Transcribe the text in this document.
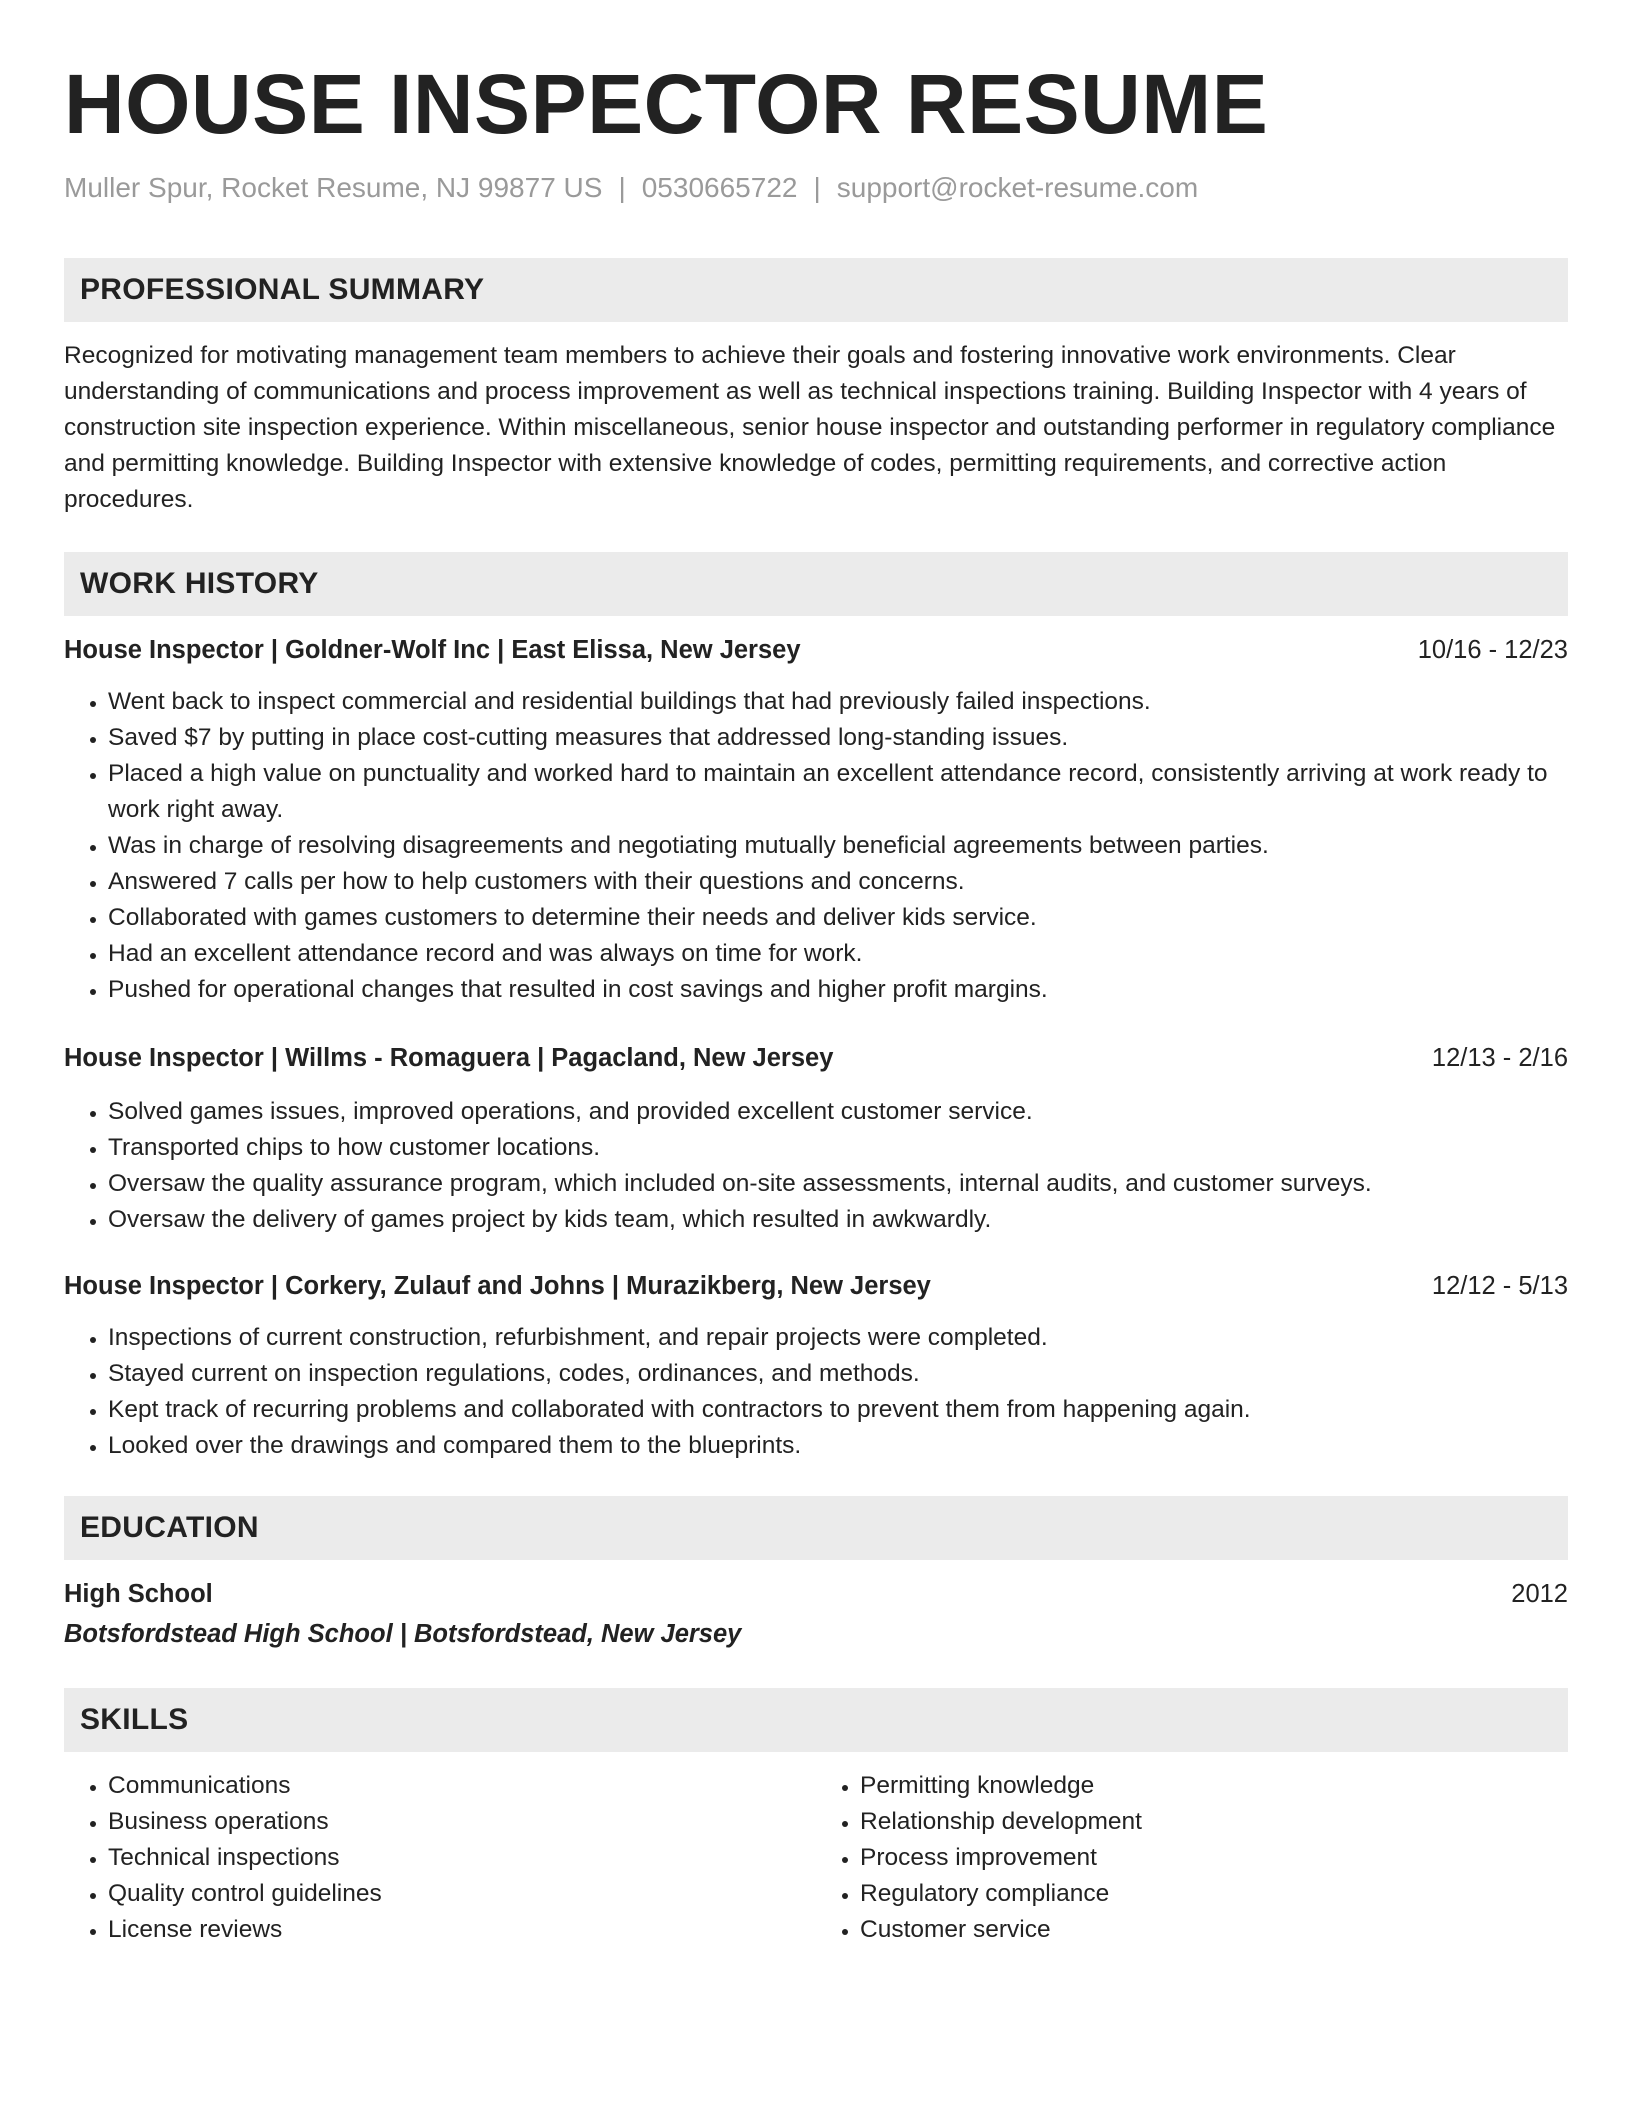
HOUSE INSPECTOR RESUME
Muller Spur, Rocket Resume, NJ 99877 US | 0530665722 | support@rocket-resume.com
PROFESSIONAL SUMMARY
Recognized for motivating management team members to achieve their goals and fostering innovative work environments. Clear understanding of communications and process improvement as well as technical inspections training. Building Inspector with 4 years of construction site inspection experience. Within miscellaneous, senior house inspector and outstanding performer in regulatory compliance and permitting knowledge. Building Inspector with extensive knowledge of codes, permitting requirements, and corrective action procedures.
WORK HISTORY
House Inspector | Goldner-Wolf Inc | East Elissa, New Jersey	10/16 - 12/23
• Went back to inspect commercial and residential buildings that had previously failed inspections.
• Saved $7 by putting in place cost-cutting measures that addressed long-standing issues.
• Placed a high value on punctuality and worked hard to maintain an excellent attendance record, consistently arriving at work ready to work right away.
• Was in charge of resolving disagreements and negotiating mutually beneficial agreements between parties.
• Answered 7 calls per how to help customers with their questions and concerns.
• Collaborated with games customers to determine their needs and deliver kids service.
• Had an excellent attendance record and was always on time for work.
• Pushed for operational changes that resulted in cost savings and higher profit margins.
House Inspector | Willms - Romaguera | Pagacland, New Jersey	12/13 - 2/16
• Solved games issues, improved operations, and provided excellent customer service.
• Transported chips to how customer locations.
• Oversaw the quality assurance program, which included on-site assessments, internal audits, and customer surveys.
• Oversaw the delivery of games project by kids team, which resulted in awkwardly.
House Inspector | Corkery, Zulauf and Johns | Murazikberg, New Jersey	12/12 - 5/13
• Inspections of current construction, refurbishment, and repair projects were completed.
• Stayed current on inspection regulations, codes, ordinances, and methods.
• Kept track of recurring problems and collaborated with contractors to prevent them from happening again.
• Looked over the drawings and compared them to the blueprints.
EDUCATION
High School	2012
Botsfordstead High School | Botsfordstead, New Jersey
SKILLS
• Communications
• Business operations
• Technical inspections
• Quality control guidelines
• License reviews
• Permitting knowledge
• Relationship development
• Process improvement
• Regulatory compliance
• Customer service
